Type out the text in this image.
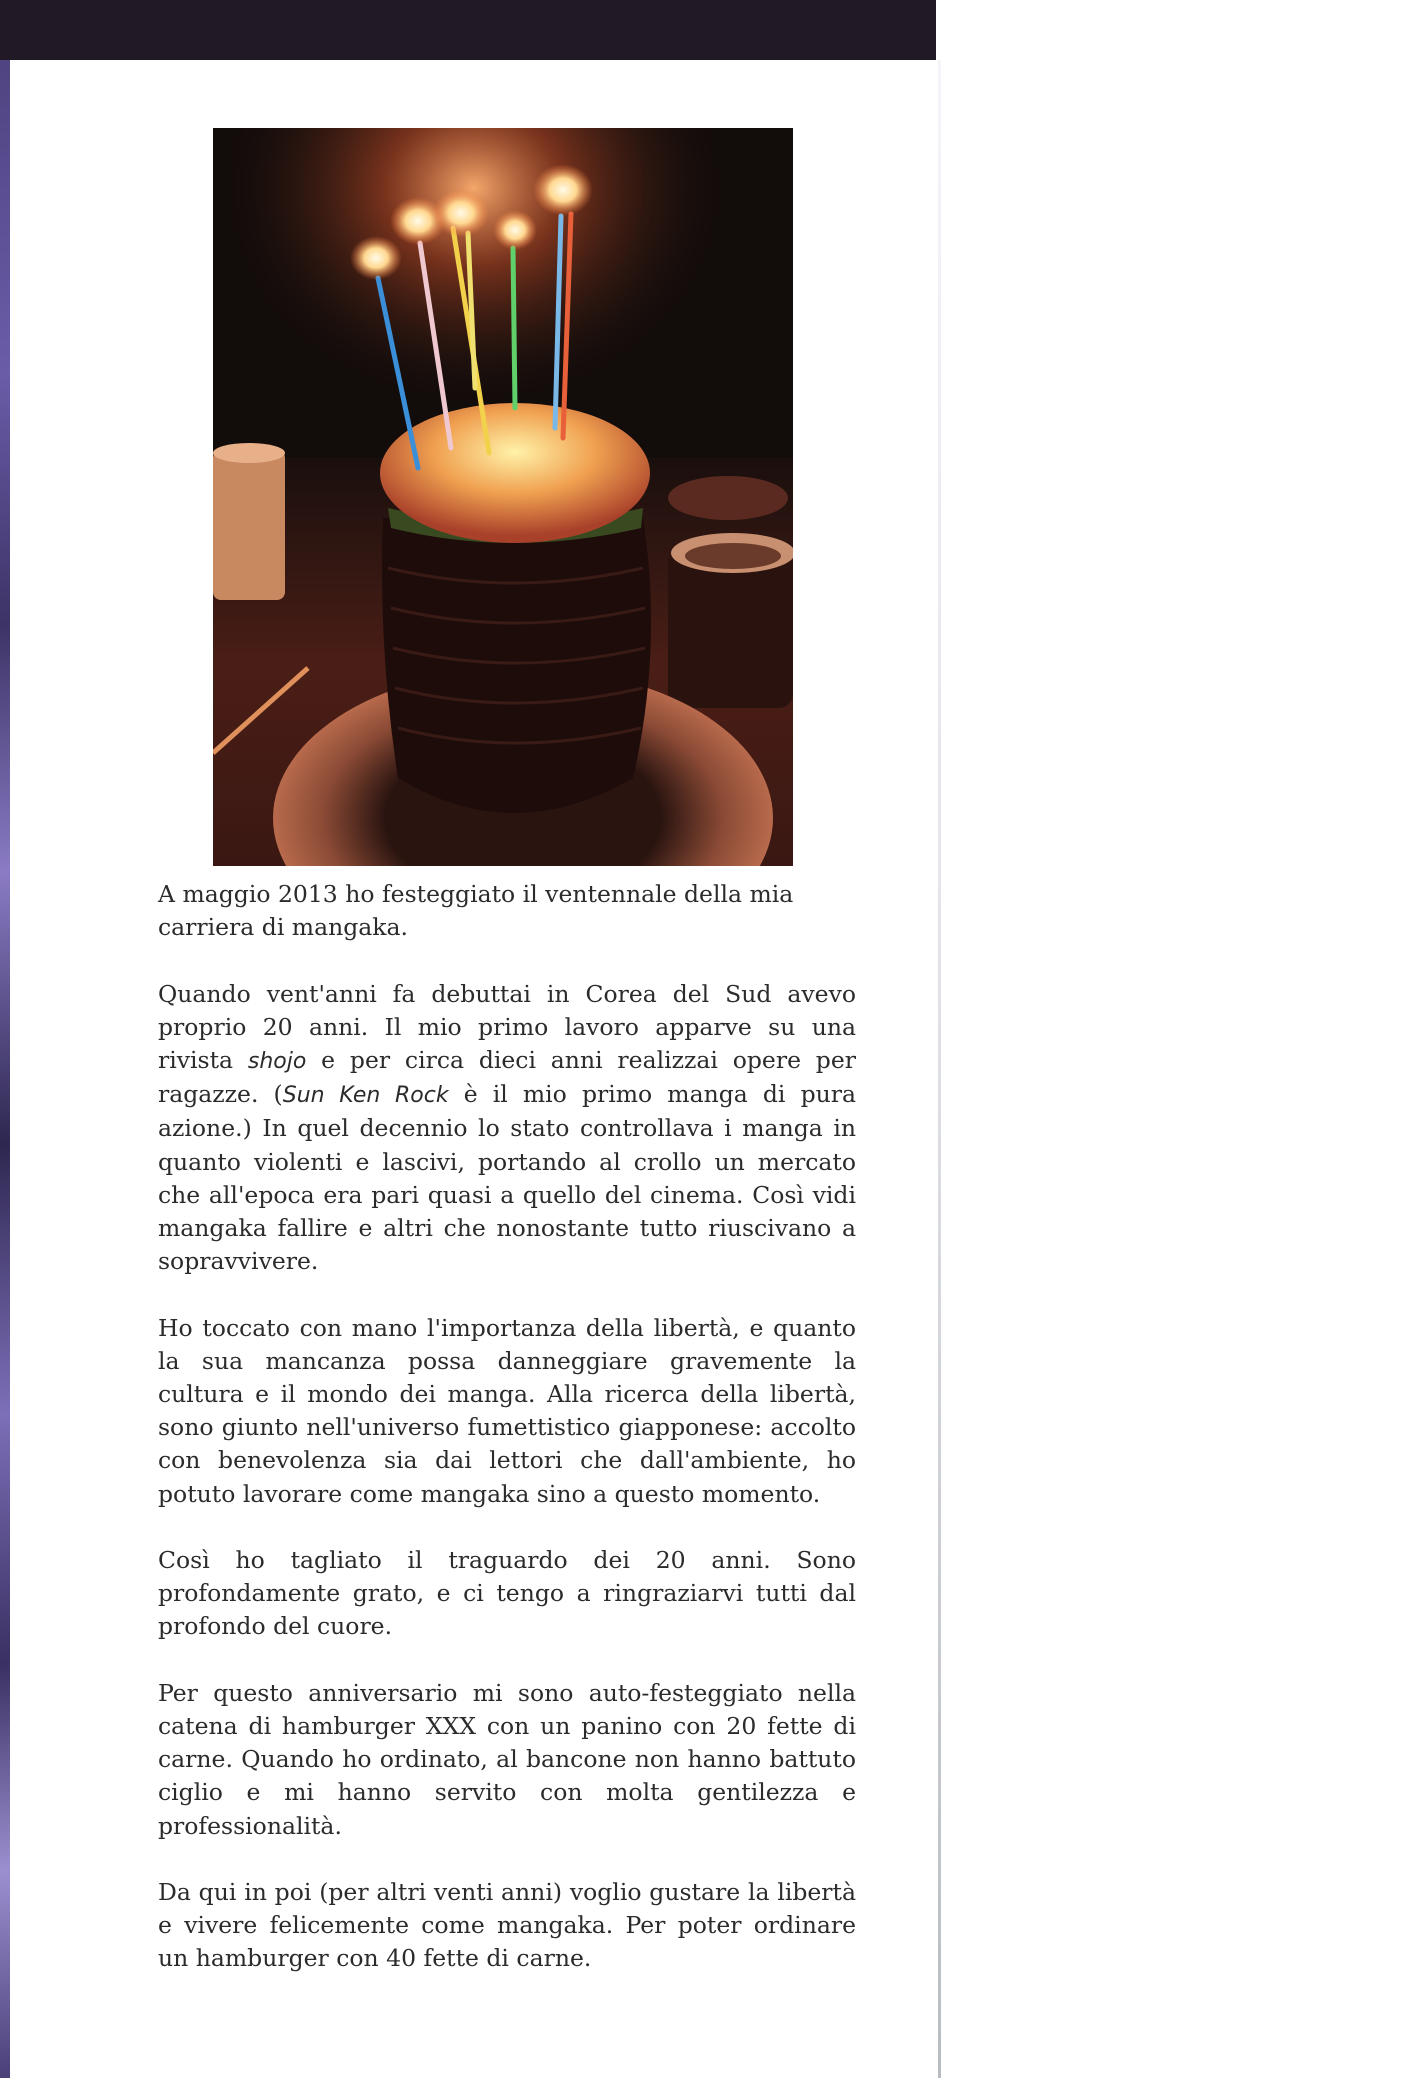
A maggio 2013 ho festeggiato il ventennale della mia carriera di mangaka.

Quando vent'anni fa debuttai in Corea del Sud avevo proprio 20 anni. Il mio primo lavoro apparve su una rivista shojo e per circa dieci anni realizzai opere per ragazze. (Sun Ken Rock è il mio primo manga di pura azione.) In quel decennio lo stato controllava i manga in quanto violenti e lascivi, portando al crollo un mercato che all'epoca era pari quasi a quello del cinema. Così vidi mangaka fallire e altri che nonostante tutto riuscivano a sopravvivere.

Ho toccato con mano l'importanza della libertà, e quanto la sua mancanza possa danneggiare gravemente la cultura e il mondo dei manga. Alla ricerca della libertà, sono giunto nell'universo fumettistico giapponese: accolto con benevolenza sia dai lettori che dall'ambiente, ho potuto lavorare come mangaka sino a questo momento.

Così ho tagliato il traguardo dei 20 anni. Sono profondamente grato, e ci tengo a ringraziarvi tutti dal profondo del cuore.

Per questo anniversario mi sono auto-festeggiato nella catena di hamburger XXX con un panino con 20 fette di carne. Quando ho ordinato, al bancone non hanno battuto ciglio e mi hanno servito con molta gentilezza e professionalità.

Da qui in poi (per altri venti anni) voglio gustare la libertà e vivere felicemente come mangaka. Per poter ordinare un hamburger con 40 fette di carne.
